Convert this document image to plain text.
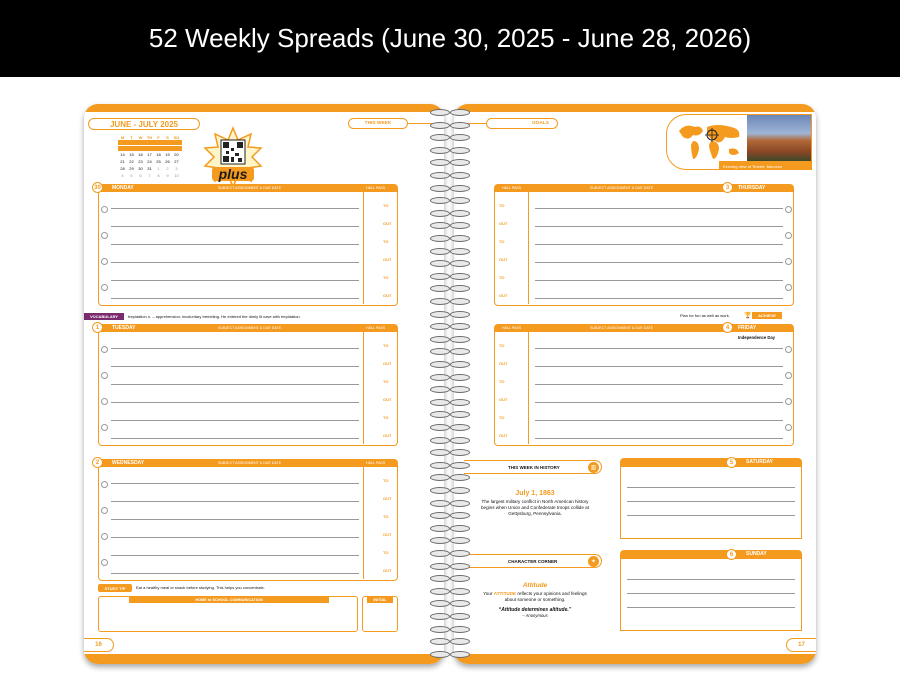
52 Weekly Spreads (June 30, 2025 - June 28, 2026)
JUNE - JULY 2025
M	T	W	TH	F	S	SU
14	15	16	17	18	19	20
21	22	23	24	25	26	27
28	29	30	31	1	2	3
4	5	6	7	8	9	10	plus
THIS WEEK
MONDAY	SUBJECT ASSIGNMENT & DUE DATE	HALL PASS
30
TO
OUT
TO
OUT
TO
OUT
TUESDAY	SUBJECT ASSIGNMENT & DUE DATE	HALL PASS
1
TO
OUT
TO
OUT
TO
OUT
WEDNESDAY	SUBJECT ASSIGNMENT & DUE DATE	HALL PASS
2
TO
OUT
TO
OUT
TO
OUT
VOCABULARY	trepidation n. – apprehension; involuntary trembling. He entered the dimly lit cave with trepidation.
STUDY TIP	Eat a healthy meal or snack before studying. This helps you concentrate.
HOME to SCHOOL COMMUNICATION	INITIAL
16
GOALS
Evening view of Tinbert, Morocco
HALL PASS	SUBJECT ASSIGNMENT & DUE DATE	THURSDAY
3
TO
OUT
TO
OUT
TO
OUT
HALL PASS	SUBJECT ASSIGNMENT & DUE DATE	FRIDAY
4
TO
OUT
TO
OUT
TO
OUT
Independence Day
Plan for fun as well as work. 🏆	ACHIEVE
THIS WEEK IN HISTORY	▥
July 1, 1863
The largest military conflict in North American history begins when Union and Confederate troops collide at Gettysburg, Pennsylvania.
CHARACTER CORNER	✦
Attitude
Your ATTITUDE reflects your opinions and feelings about someone or something.
“Attitude determines altitude.”
– Anonymous
SATURDAY
5
SUNDAY
6
17
